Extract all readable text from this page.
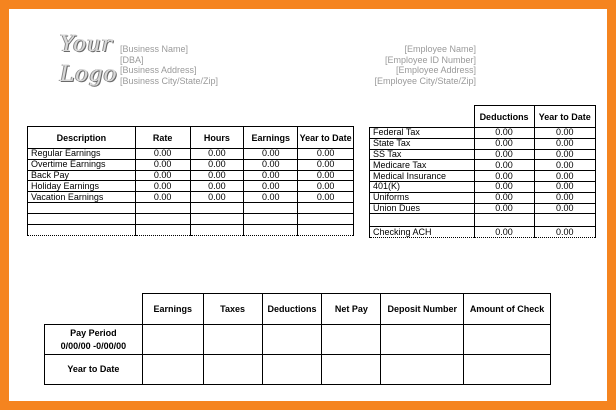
Your
Logo
[Business Name]
[DBA]
[Business Address]
[Business City/State/Zip]
[Employee Name]
[Employee ID Number]
[Employee Address]
[Employee City/State/Zip]
Description	Rate	Hours	Earnings	Year to Date
Regular Earnings	0.00	0.00	0.00	0.00
Overtime Earnings	0.00	0.00	0.00	0.00
Back Pay	0.00	0.00	0.00	0.00
Holiday Earnings	0.00	0.00	0.00	0.00
Vacation Earnings	0.00	0.00	0.00	0.00

	Deductions	Year to Date
Federal Tax	0.00	0.00
State Tax	0.00	0.00
SS Tax	0.00	0.00
Medicare Tax	0.00	0.00
Medical Insurance	0.00	0.00
401(K)	0.00	0.00
Uniforms	0.00	0.00
Union Dues	0.00	0.00

Checking ACH	0.00	0.00
	Earnings	Taxes	Deductions	Net Pay	Deposit Number	Amount of Check

Pay Period
0/00/00 -0/00/00						

Year to Date						
